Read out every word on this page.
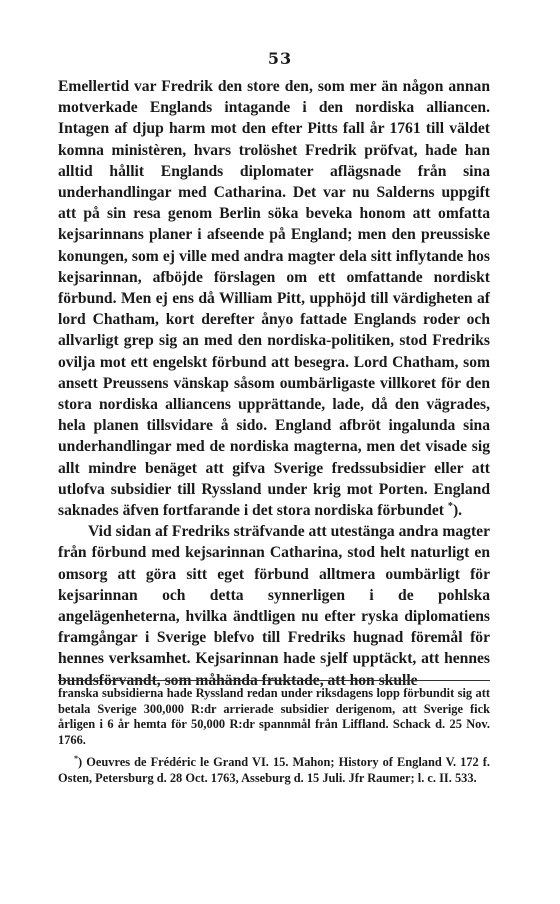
53

Emellertid var Fredrik den store den, som mer än någon annan motverkade Englands intagande i den nordiska alliancen. Intagen af djup harm mot den efter Pitts fall år 1761 till väldet komna ministèren, hvars trolöshet Fredrik pröfvat, hade han alltid hållit Englands diplomater aflägsnade från sina underhandlingar med Catharina. Det var nu Salderns uppgift att på sin resa genom Berlin söka beveka honom att omfatta kejsarinnans planer i afseende på England; men den preussiske konungen, som ej ville med andra magter dela sitt inflytande hos kejsarinnan, afböjde förslagen om ett omfattande nordiskt förbund. Men ej ens då William Pitt, upphöjd till värdigheten af lord Chatham, kort derefter ånyo fattade Englands roder och allvarligt grep sig an med den nordiska-politiken, stod Fredriks ovilja mot ett engelskt förbund att besegra. Lord Chatham, som ansett Preussens vänskap såsom oumbärligaste villkoret för den stora nordiska alliancens upprättande, lade, då den vägrades, hela planen tillsvidare å sido. England afbröt ingalunda sina underhandlingar med de nordiska magterna, men det visade sig allt mindre benäget att gifva Sverige fredssubsidier eller att utlofva subsidier till Ryssland under krig mot Porten. England saknades äfven fortfarande i det stora nordiska förbundet *).

Vid sidan af Fredriks sträfvande att utestänga andra magter från förbund med kejsarinnan Catharina, stod helt naturligt en omsorg att göra sitt eget förbund alltmera oumbärligt för kejsarinnan och detta synnerligen i de pohlska angelägenheterna, hvilka ändtligen nu efter ryska diplomatiens framgångar i Sverige blefvo till Fredriks hugnad föremål för hennes verksamhet. Kejsarinnan hade sjelf upptäckt, att hennes bundsförvandt, som måhända fruktade, att hon skulle

franska subsidierna hade Ryssland redan under riksdagens lopp förbundit sig att betala Sverige 300,000 R:dr arrierade subsidier derigenom, att Sverige fick årligen i 6 år hemta för 50,000 R:dr spannmål från Liffland. Schack d. 25 Nov. 1766.

*) Oeuvres de Frédéric le Grand VI. 15. Mahon; History of England V. 172 f. Osten, Petersburg d. 28 Oct. 1763, Asseburg d. 15 Juli. Jfr Raumer; l. c. II. 533.
